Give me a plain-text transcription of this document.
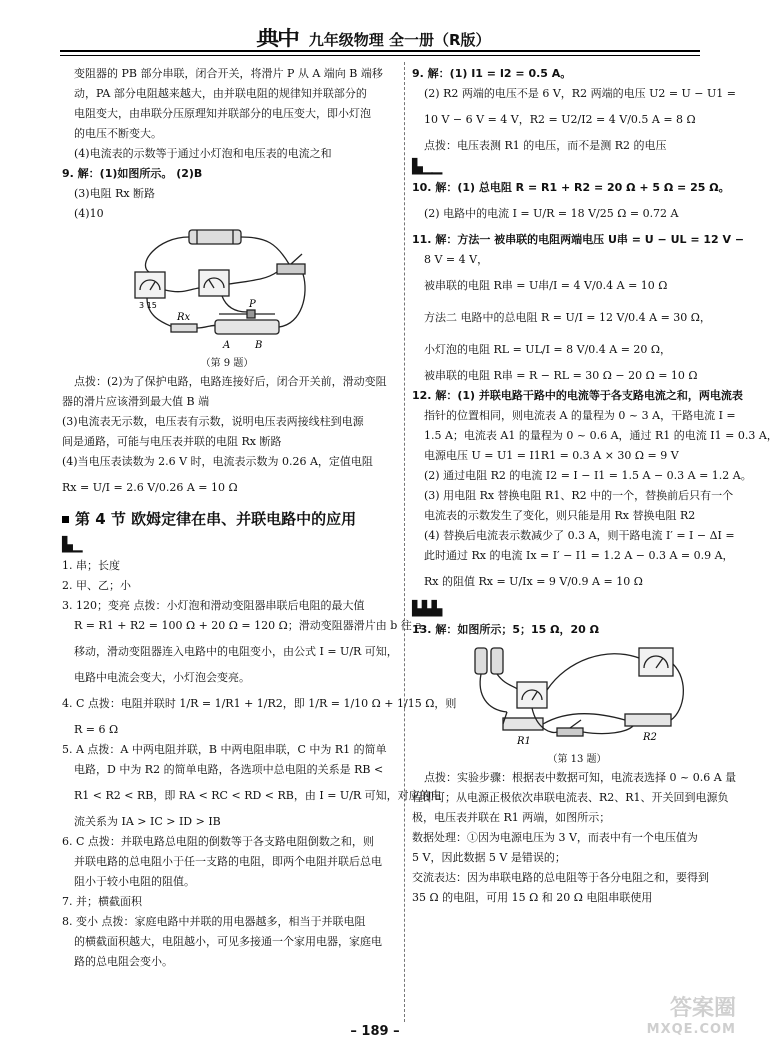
典中 九年级物理 全一册（R版）
变阻器的 PB 部分串联，闭合开关，将滑片 P 从 A 端向 B 端移
动，PA 部分电阻越来越大，由并联电阻的规律知并联部分的
电阻变大，由串联分压原理知并联部分的电压变大，即小灯泡
的电压不断变大。
(4)电流表的示数等于通过小灯泡和电压表的电流之和
9. 解：(1)如图所示。 (2)B
(3)电阻 Rx 断路
(4)10
P
A B
Rx
3 15
（第 9 题）
点拨：(2)为了保护电路，电路连接好后，闭合开关前，滑动变阻
器的滑片应该滑到最大值 B 端
(3)电流表无示数，电压表有示数，说明电压表两接线柱到电源
间是通路，可能与电压表并联的电阻 Rx 断路
(4)当电压表读数为 2.6 V 时，电流表示数为 0.26 A，定值电阻
Rx = U/I = 2.6 V/0.26 A = 10 Ω
第 4 节 欧姆定律在串、并联电路中的应用
▙▁
1. 串；长度
2. 甲、乙；小
3. 120；变亮 点拨：小灯泡和滑动变阻器串联后电阻的最大值
R = R1 + R2 = 100 Ω + 20 Ω = 120 Ω；滑动变阻器滑片由 b 往 a
移动，滑动变阻器连入电路中的电阻变小，由公式 I = U/R 可知，
电路中电流会变大，小灯泡会变亮。
4. C 点拨：电阻并联时 1/R = 1/R1 + 1/R2，即 1/R = 1/10 Ω + 1/15 Ω，则
R = 6 Ω
5. A 点拨：A 中两电阻并联，B 中两电阻串联，C 中为 R1 的简单
电路，D 中为 R2 的简单电路，各选项中总电阻的关系是 RB <
R1 < R2 < RB，即 RA < RC < RD < RB，由 I = U/R 可知，对应的电
流关系为 IA > IC > ID > IB
6. C 点拨：并联电路总电阻的倒数等于各支路电阻倒数之和，则
并联电路的总电阻小于任一支路的电阻，即两个电阻并联后总电
阻小于较小电阻的阻值。
7. 并；横截面积
8. 变小 点拨：家庭电路中并联的用电器越多，相当于并联电阻
的横截面积越大，电阻越小，可见多接通一个家用电器，家庭电
路的总电阻会变小。
9. 解：(1) I1 = I2 = 0.5 A。
(2) R2 两端的电压不是 6 V，R2 两端的电压 U2 = U − U1 =
10 V − 6 V = 4 V，R2 = U2/I2 = 4 V/0.5 A = 8 Ω
点拨：电压表测 R1 的电压，而不是测 R2 的电压
▙▁▁
10. 解：(1) 总电阻 R = R1 + R2 = 20 Ω + 5 Ω = 25 Ω。
(2) 电路中的电流 I = U/R = 18 V/25 Ω = 0.72 A
11. 解：方法一 被串联的电阻两端电压 U串 = U − UL = 12 V −
8 V = 4 V，
被串联的电阻 R串 = U串/I = 4 V/0.4 A = 10 Ω
方法二 电路中的总电阻 R = U/I = 12 V/0.4 A = 30 Ω，
小灯泡的电阻 RL = UL/I = 8 V/0.4 A = 20 Ω，
被串联的电阻 R串 = R − RL = 30 Ω − 20 Ω = 10 Ω
12. 解：(1) 并联电路干路中的电流等于各支路电流之和，两电流表
指针的位置相同，则电流表 A 的量程为 0 ~ 3 A，干路电流 I =
1.5 A；电流表 A1 的量程为 0 ~ 0.6 A，通过 R1 的电流 I1 = 0.3 A，
电源电压 U = U1 = I1R1 = 0.3 A × 30 Ω = 9 V
(2) 通过电阻 R2 的电流 I2 = I − I1 = 1.5 A − 0.3 A = 1.2 A。
(3) 用电阻 Rx 替换电阻 R1、R2 中的一个，替换前后只有一个
电流表的示数发生了变化，则只能是用 Rx 替换电阻 R2
(4) 替换后电流表示数减少了 0.3 A，则干路电流 I′ = I − ΔI =
此时通过 Rx 的电流 Ix = I′ − I1 = 1.2 A − 0.3 A = 0.9 A，
Rx 的阻值 Rx = U/Ix = 9 V/0.9 A = 10 Ω
▙▙▙
13. 解：如图所示；5；15 Ω，20 Ω
R1	R2
（第 13 题）
点拨：实验步骤：根据表中数据可知，电流表选择 0 ~ 0.6 A 量
程即可；从电源正极依次串联电流表、R2、R1、开关回到电源负
极，电压表并联在 R1 两端，如图所示；
数据处理：①因为电源电压为 3 V，而表中有一个电压值为
5 V，因此数据 5 V 是错误的；
交流表达：因为串联电路的总电阻等于各分电阻之和，要得到
35 Ω 的电阻，可用 15 Ω 和 20 Ω 电阻串联使用
– 189 –
答案圈
MXQE.COM
